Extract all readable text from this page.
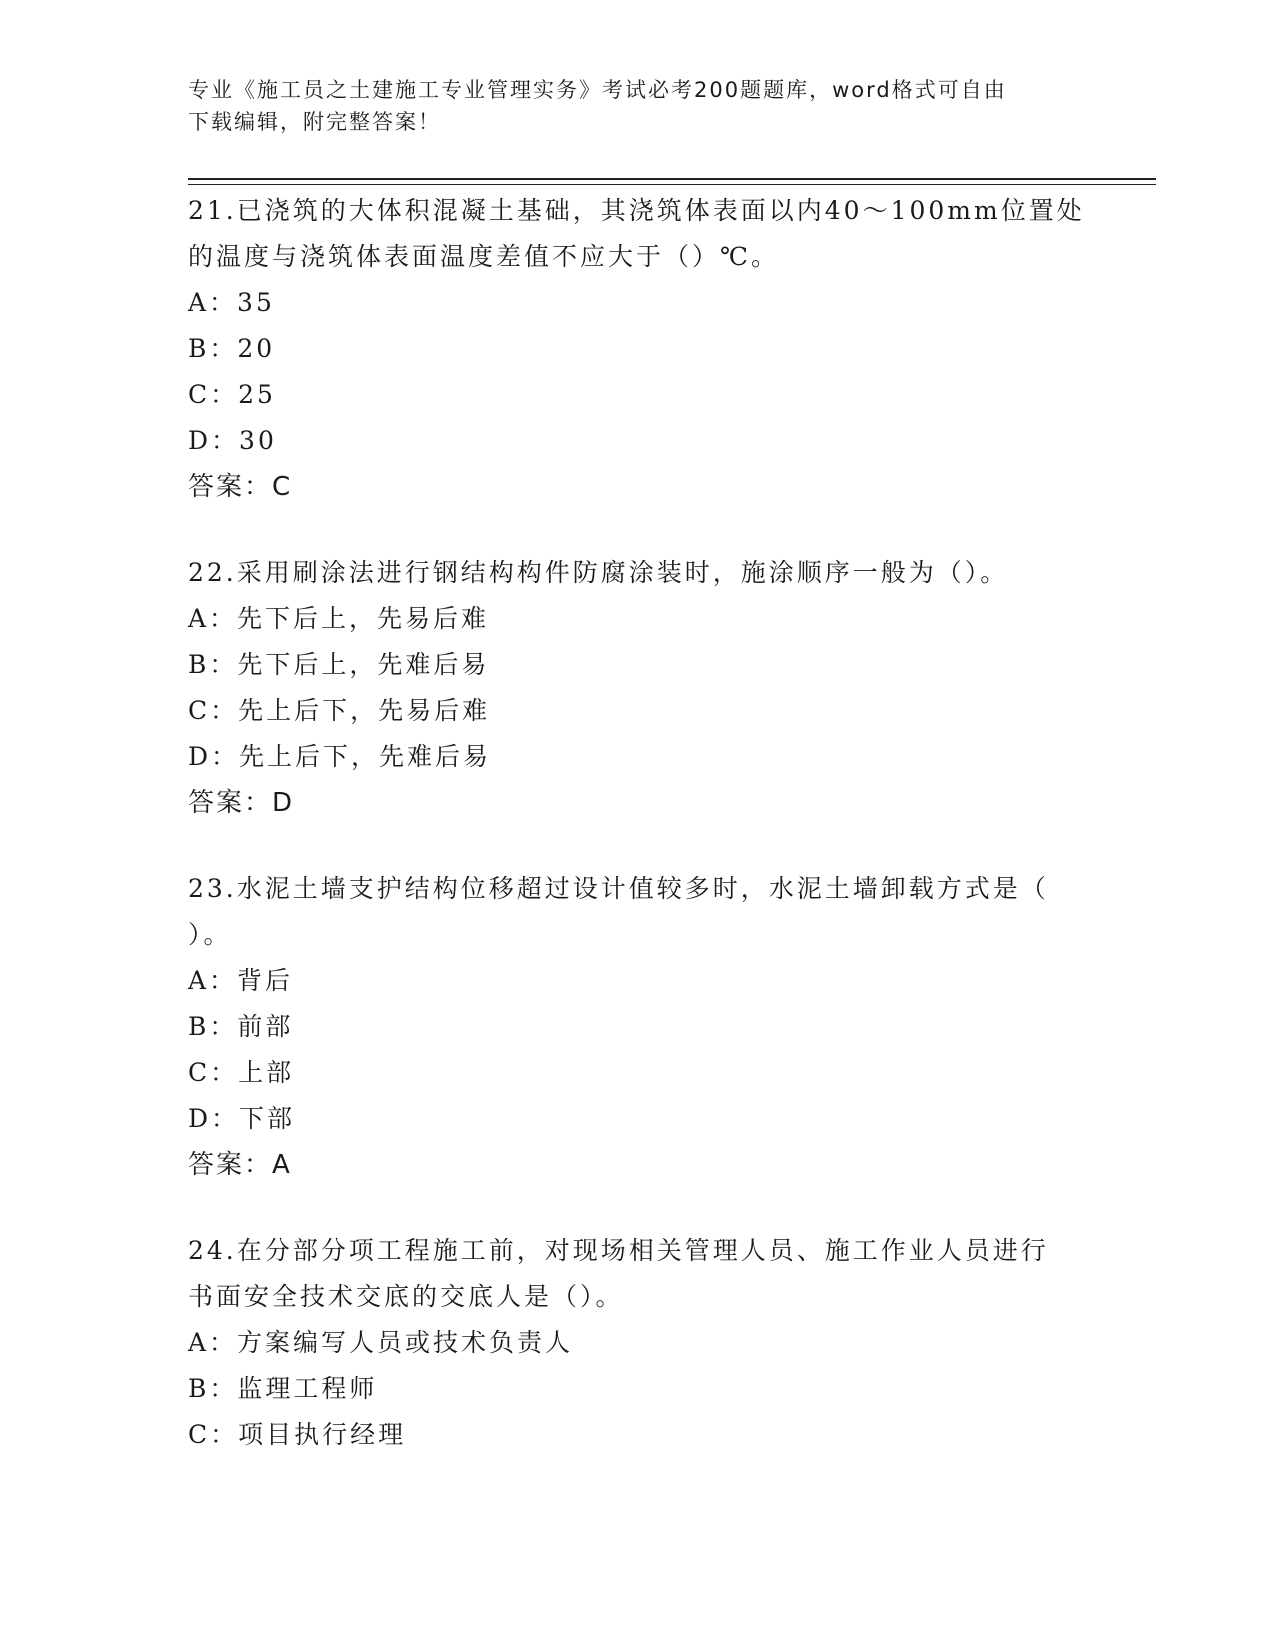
专业《施工员之土建施工专业管理实务》考试必考200题题库，word格式可自由
下载编辑，附完整答案！
21.已浇筑的大体积混凝土基础，其浇筑体表面以内40～100mm位置处
的温度与浇筑体表面温度差值不应大于（）℃。
A：35
B：20
C：25
D：30
答案：C
22.采用刷涂法进行钢结构构件防腐涂装时，施涂顺序一般为（）。
A：先下后上，先易后难
B：先下后上，先难后易
C：先上后下，先易后难
D：先上后下，先难后易
答案：D
23.水泥土墙支护结构位移超过设计值较多时，水泥土墙卸载方式是（
）。
A：背后
B：前部
C：上部
D：下部
答案：A
24.在分部分项工程施工前，对现场相关管理人员、施工作业人员进行
书面安全技术交底的交底人是（）。
A：方案编写人员或技术负责人
B：监理工程师
C：项目执行经理
